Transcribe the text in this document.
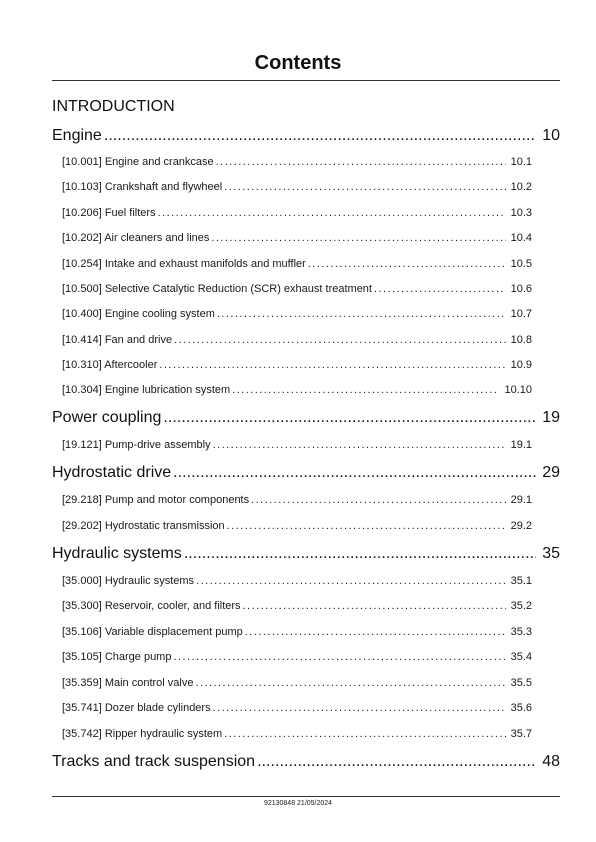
Contents
INTRODUCTION
Engine . . .	10
[10.001] Engine and crankcase . . .	10.1
[10.103] Crankshaft and flywheel . . .	10.2
[10.206] Fuel filters . . .	10.3
[10.202] Air cleaners and lines . . .	10.4
[10.254] Intake and exhaust manifolds and muffler . . .	10.5
[10.500] Selective Catalytic Reduction (SCR) exhaust treatment . . .	10.6
[10.400] Engine cooling system . . .	10.7
[10.414] Fan and drive . . .	10.8
[10.310] Aftercooler . . .	10.9
[10.304] Engine lubrication system . . .	10.10
Power coupling . . .	19
[19.121] Pump-drive assembly . . .	19.1
Hydrostatic drive . . .	29
[29.218] Pump and motor components . . .	29.1
[29.202] Hydrostatic transmission . . .	29.2
Hydraulic systems . . .	35
[35.000] Hydraulic systems . . .	35.1
[35.300] Reservoir, cooler, and filters . . .	35.2
[35.106] Variable displacement pump . . .	35.3
[35.105] Charge pump . . .	35.4
[35.359] Main control valve . . .	35.5
[35.741] Dozer blade cylinders . . .	35.6
[35.742] Ripper hydraulic system . . .	35.7
Tracks and track suspension . . .	48
92130848 21/05/2024
